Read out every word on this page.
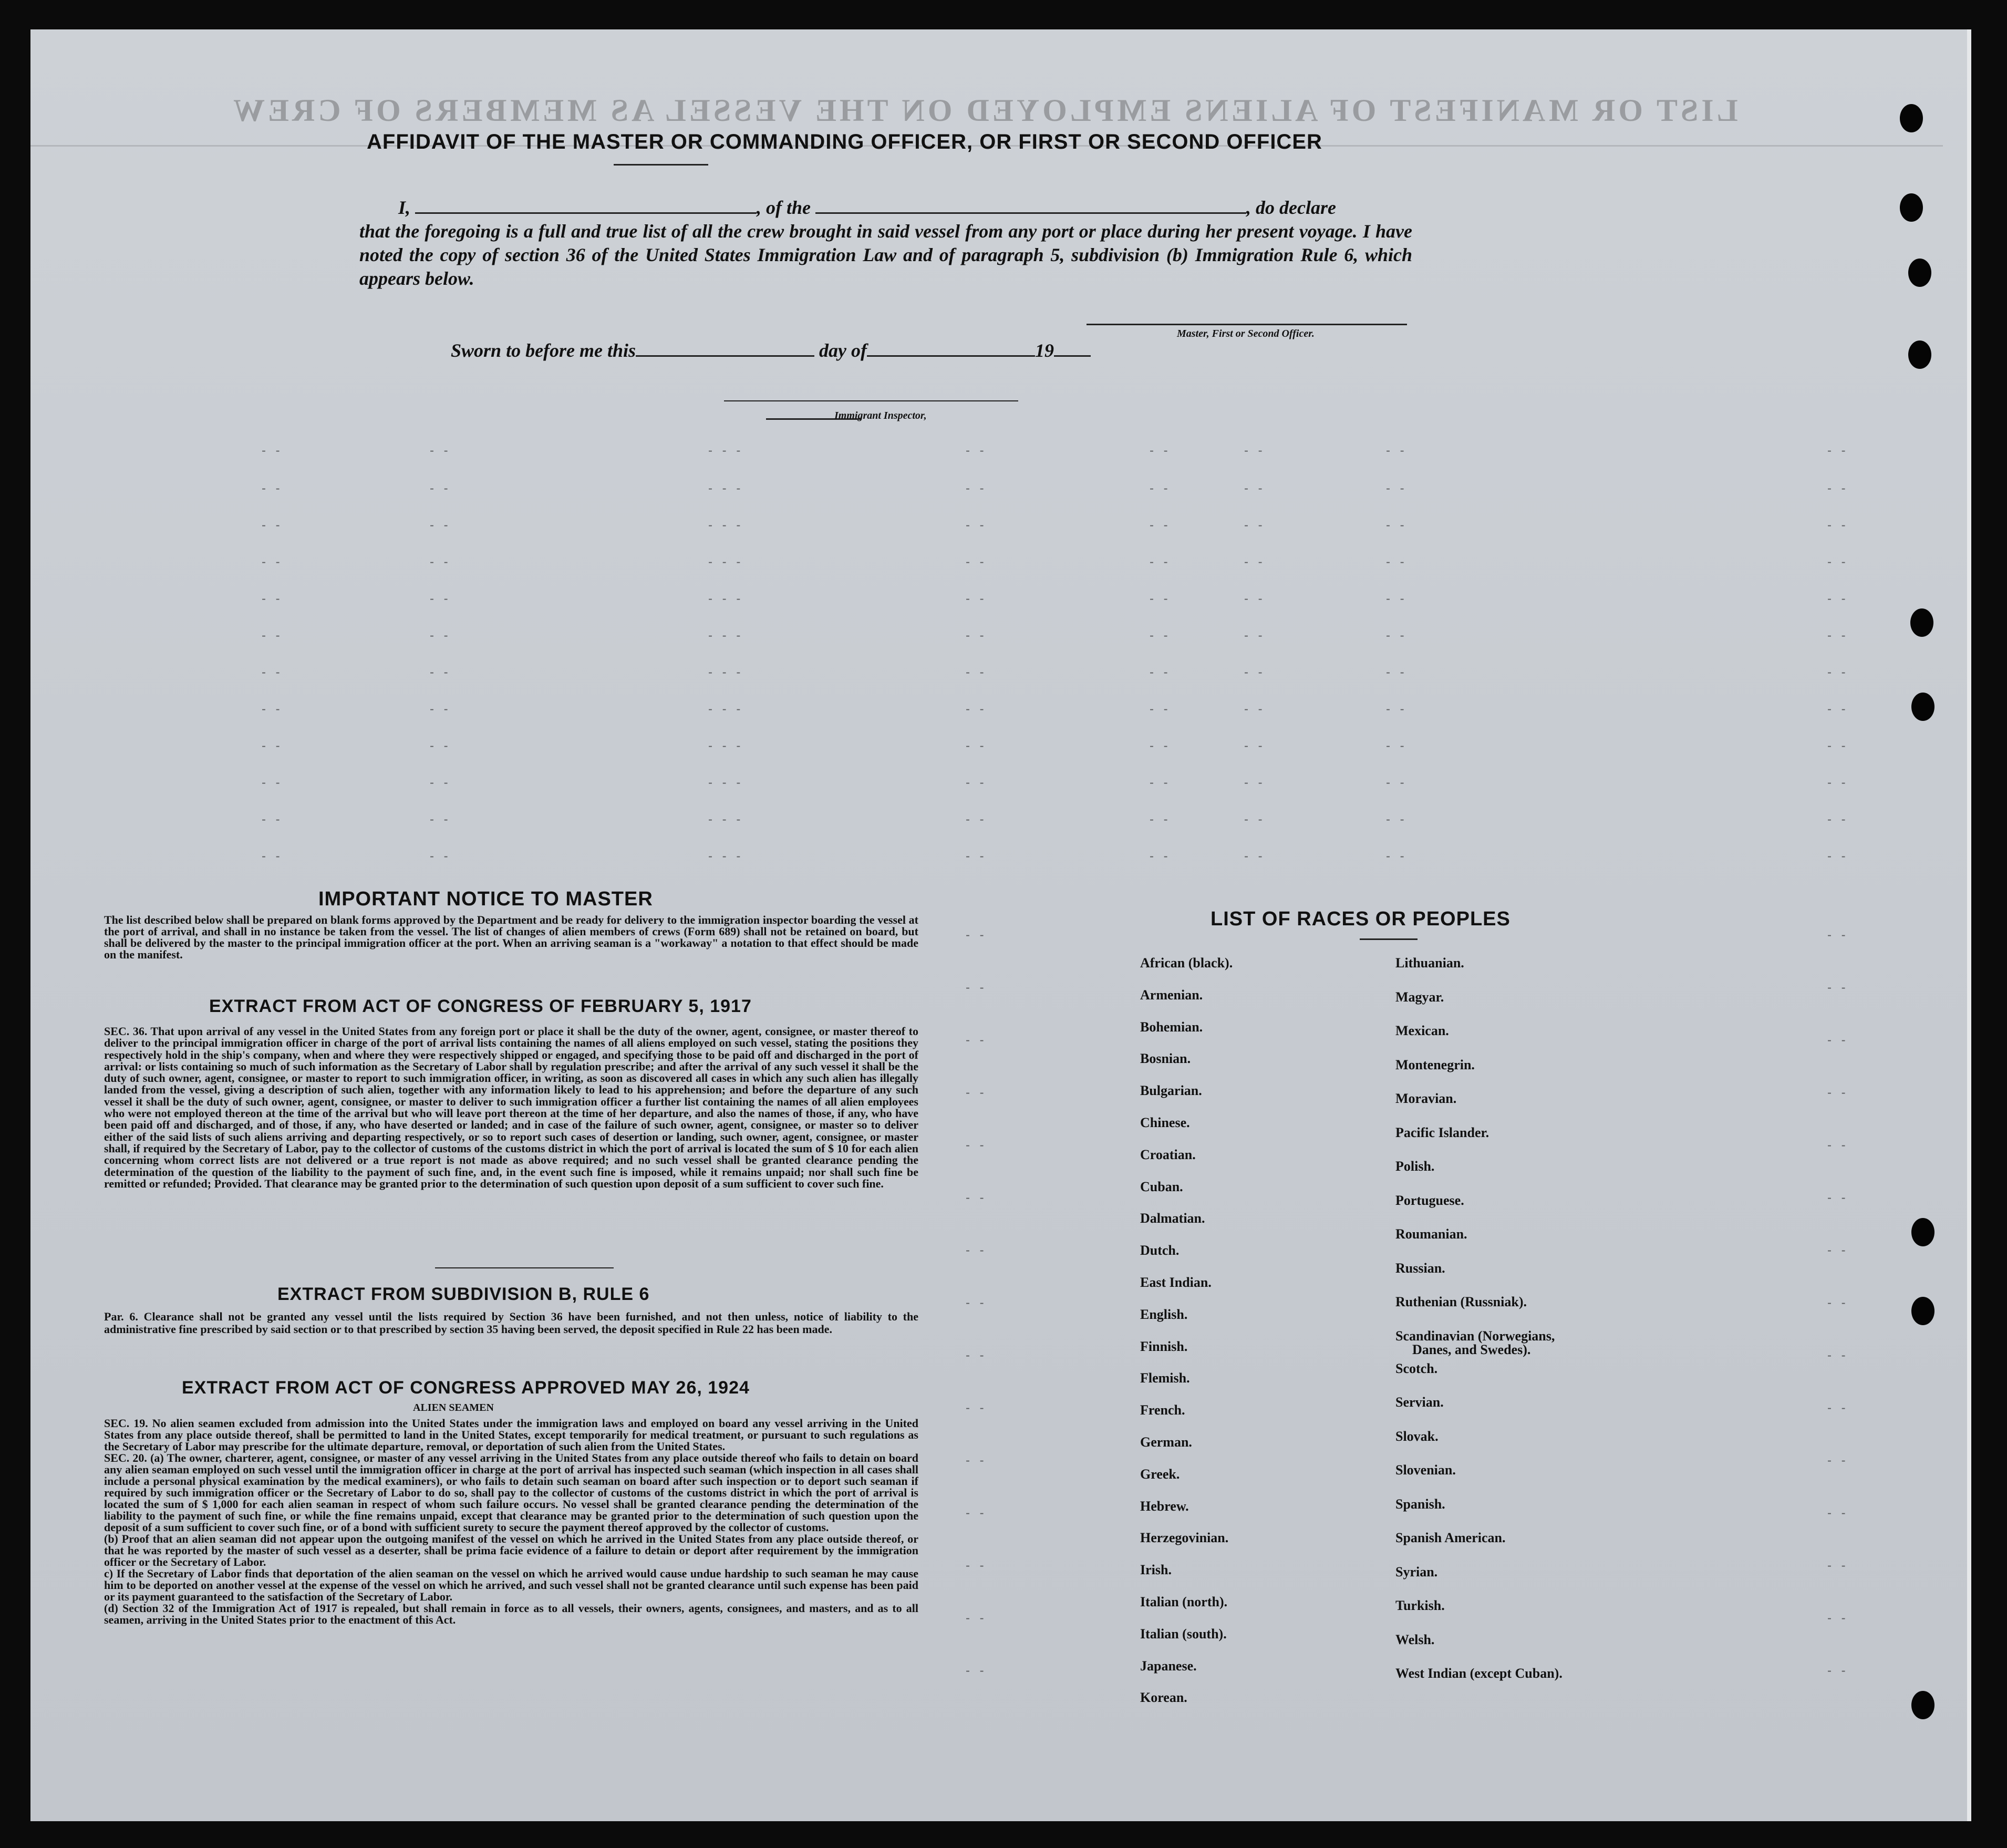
LIST OR MANIFEST OF ALIENS EMPLOYED ON THE VESSEL AS MEMBERS OF CREW
AFFIDAVIT OF THE MASTER OR COMMANDING OFFICER, OR FIRST OR SECOND OFFICER
I,	, of the	, do declare
that the foregoing is a full and true list of all the crew brought in said vessel from any port or place during her present voyage. I have noted the copy of section 36 of the United States Immigration Law and of paragraph 5, subdivision (b) Immigration Rule 6, which appears below.
Master, First or Second Officer.
Sworn to before me this	day of	19
Immigrant Inspector,
- -	- -	- - -	- -	- -	- -	- -	- -
- -	- -	- - -	- -	- -	- -	- -	- -
- -	- -	- - -	- -	- -	- -	- -	- -
- -	- -	- - -	- -	- -	- -	- -	- -
- -	- -	- - -	- -	- -	- -	- -	- -
- -	- -	- - -	- -	- -	- -	- -	- -
- -	- -	- - -	- -	- -	- -	- -	- -
- -	- -	- - -	- -	- -	- -	- -	- -
- -	- -	- - -	- -	- -	- -	- -	- -
- -	- -	- - -	- -	- -	- -	- -	- -
- -	- -	- - -	- -	- -	- -	- -	- -
- -	- -	- - -	- -	- -	- -	- -	- -
- -	- -
- -	- -
- -	- -
- -	- -
- -	- -
- -	- -
- -	- -
- -	- -
- -	- -
- -	- -
- -	- -
- -	- -
- -	- -
- -	- -
- -	- -
IMPORTANT NOTICE TO MASTER
The list described below shall be prepared on blank forms approved by the Department and be ready for delivery to the immigration inspector boarding the vessel at the port of arrival, and shall in no instance be taken from the vessel. The list of changes of alien members of crews (Form 689) shall not be retained on board, but shall be delivered by the master to the principal immigration officer at the port. When an arriving seaman is a "workaway" a notation to that effect should be made on the manifest.
EXTRACT FROM ACT OF CONGRESS OF FEBRUARY 5, 1917
SEC. 36. That upon arrival of any vessel in the United States from any foreign port or place it shall be the duty of the owner, agent, consignee, or master thereof to deliver to the principal immigration officer in charge of the port of arrival lists containing the names of all aliens employed on such vessel, stating the positions they respectively hold in the ship's company, when and where they were respectively shipped or engaged, and specifying those to be paid off and discharged in the port of arrival: or lists containing so much of such information as the Secretary of Labor shall by regulation prescribe; and after the arrival of any such vessel it shall be the duty of such owner, agent, consignee, or master to report to such immigration officer, in writing, as soon as discovered all cases in which any such alien has illegally landed from the vessel, giving a description of such alien, together with any information likely to lead to his apprehension; and before the departure of any such vessel it shall be the duty of such owner, agent, consignee, or master to deliver to such immigration officer a further list containing the names of all alien employees who were not employed thereon at the time of the arrival but who will leave port thereon at the time of her departure, and also the names of those, if any, who have been paid off and discharged, and of those, if any, who have deserted or landed; and in case of the failure of such owner, agent, consignee, or master so to deliver either of the said lists of such aliens arriving and departing respectively, or so to report such cases of desertion or landing, such owner, agent, consignee, or master shall, if required by the Secretary of Labor, pay to the collector of customs of the customs district in which the port of arrival is located the sum of $ 10 for each alien concerning whom correct lists are not delivered or a true report is not made as above required; and no such vessel shall be granted clearance pending the determination of the question of the liability to the payment of such fine, and, in the event such fine is imposed, while it remains unpaid; nor shall such fine be remitted or refunded; Provided. That clearance may be granted prior to the determination of such question upon deposit of a sum sufficient to cover such fine.
EXTRACT FROM SUBDIVISION B, RULE 6
Par. 6. Clearance shall not be granted any vessel until the lists required by Section 36 have been furnished, and not then unless, notice of liability to the administrative fine prescribed by said section or to that prescribed by section 35 having been served, the deposit specified in Rule 22 has been made.
EXTRACT FROM ACT OF CONGRESS APPROVED MAY 26, 1924
ALIEN SEAMEN
SEC. 19. No alien seamen excluded from admission into the United States under the immigration laws and employed on board any vessel arriving in the United States from any place outside thereof, shall be permitted to land in the United States, except temporarily for medical treatment, or pursuant to such regulations as the Secretary of Labor may prescribe for the ultimate departure, removal, or deportation of such alien from the United States.
SEC. 20. (a) The owner, charterer, agent, consignee, or master of any vessel arriving in the United States from any place outside thereof who fails to detain on board any alien seaman employed on such vessel until the immigration officer in charge at the port of arrival has inspected such seaman (which inspection in all cases shall include a personal physical examination by the medical examiners), or who fails to detain such seaman on board after such inspection or to deport such seaman if required by such immigration officer or the Secretary of Labor to do so, shall pay to the collector of customs of the customs district in which the port of arrival is located the sum of $ 1,000 for each alien seaman in respect of whom such failure occurs. No vessel shall be granted clearance pending the determination of the liability to the payment of such fine, or while the fine remains unpaid, except that clearance may be granted prior to the determination of such question upon the deposit of a sum sufficient to cover such fine, or of a bond with sufficient surety to secure the payment thereof approved by the collector of customs.
(b) Proof that an alien seaman did not appear upon the outgoing manifest of the vessel on which he arrived in the United States from any place outside thereof, or that he was reported by the master of such vessel as a deserter, shall be prima facie evidence of a failure to detain or deport after requirement by the immigration officer or the Secretary of Labor.
c) If the Secretary of Labor finds that deportation of the alien seaman on the vessel on which he arrived would cause undue hardship to such seaman he may cause him to be deported on another vessel at the expense of the vessel on which he arrived, and such vessel shall not be granted clearance until such expense has been paid or its payment guaranteed to the satisfaction of the Secretary of Labor.
(d) Section 32 of the Immigration Act of 1917 is repealed, but shall remain in force as to all vessels, their owners, agents, consignees, and masters, and as to all seamen, arriving in the United States prior to the enactment of this Act.
LIST OF RACES OR PEOPLES
African (black).
Armenian.
Bohemian.
Bosnian.
Bulgarian.
Chinese.
Croatian.
Cuban.
Dalmatian.
Dutch.
East Indian.
English.
Finnish.
Flemish.
French.
German.
Greek.
Hebrew.
Herzegovinian.
Irish.
Italian (north).
Italian (south).
Japanese.
Korean.
Lithuanian.
Magyar.
Mexican.
Montenegrin.
Moravian.
Pacific Islander.
Polish.
Portuguese.
Roumanian.
Russian.
Ruthenian (Russniak).
Scandinavian (Norwegians,
Danes, and Swedes).
Scotch.
Servian.
Slovak.
Slovenian.
Spanish.
Spanish American.
Syrian.
Turkish.
Welsh.
West Indian (except Cuban).
